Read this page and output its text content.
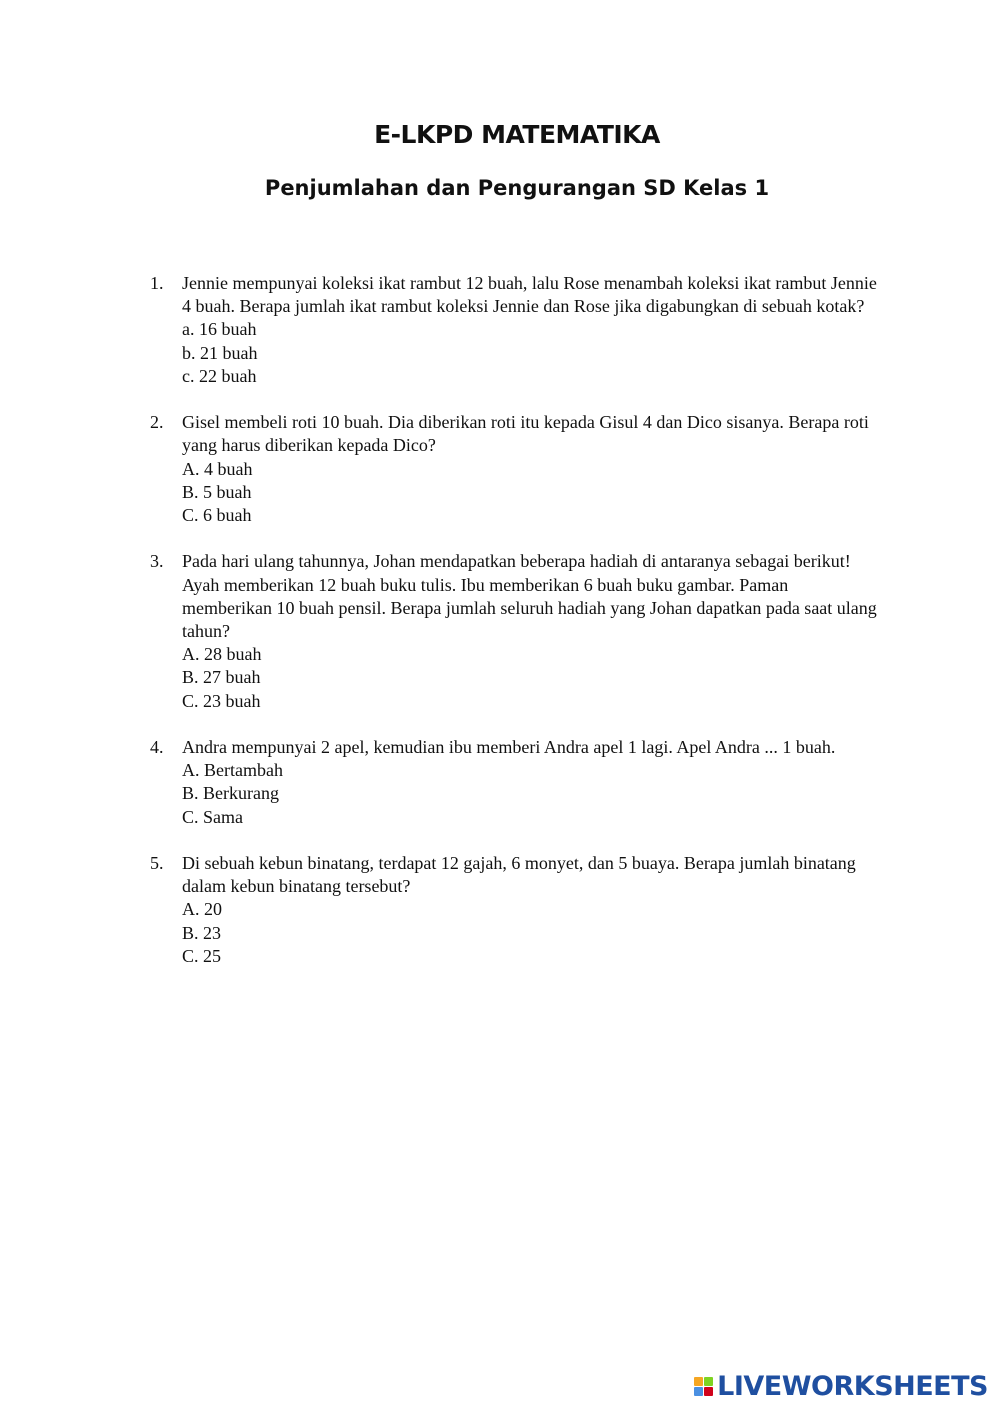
E-LKPD MATEMATIKA
Penjumlahan dan Pengurangan SD Kelas 1
1. Jennie mempunyai koleksi ikat rambut 12 buah, lalu Rose menambah koleksi ikat rambut Jennie 4 buah. Berapa jumlah ikat rambut koleksi Jennie dan Rose jika digabungkan di sebuah kotak?
a. 16 buah
b. 21 buah
c. 22 buah
2. Gisel membeli roti 10 buah. Dia diberikan roti itu kepada Gisul 4 dan Dico sisanya. Berapa roti yang harus diberikan kepada Dico?
A. 4 buah
B. 5 buah
C. 6 buah
3. Pada hari ulang tahunnya, Johan mendapatkan beberapa hadiah di antaranya sebagai berikut! Ayah memberikan 12 buah buku tulis. Ibu memberikan 6 buah buku gambar. Paman memberikan 10 buah pensil. Berapa jumlah seluruh hadiah yang Johan dapatkan pada saat ulang tahun?
A. 28 buah
B. 27 buah
C. 23 buah
4. Andra mempunyai 2 apel, kemudian ibu memberi Andra apel 1 lagi. Apel Andra ... 1 buah.
A. Bertambah
B. Berkurang
C. Sama
5. Di sebuah kebun binatang, terdapat 12 gajah, 6 monyet, dan 5 buaya. Berapa jumlah binatang dalam kebun binatang tersebut?
A. 20
B. 23
C. 25
LIVEWORKSHEETS
